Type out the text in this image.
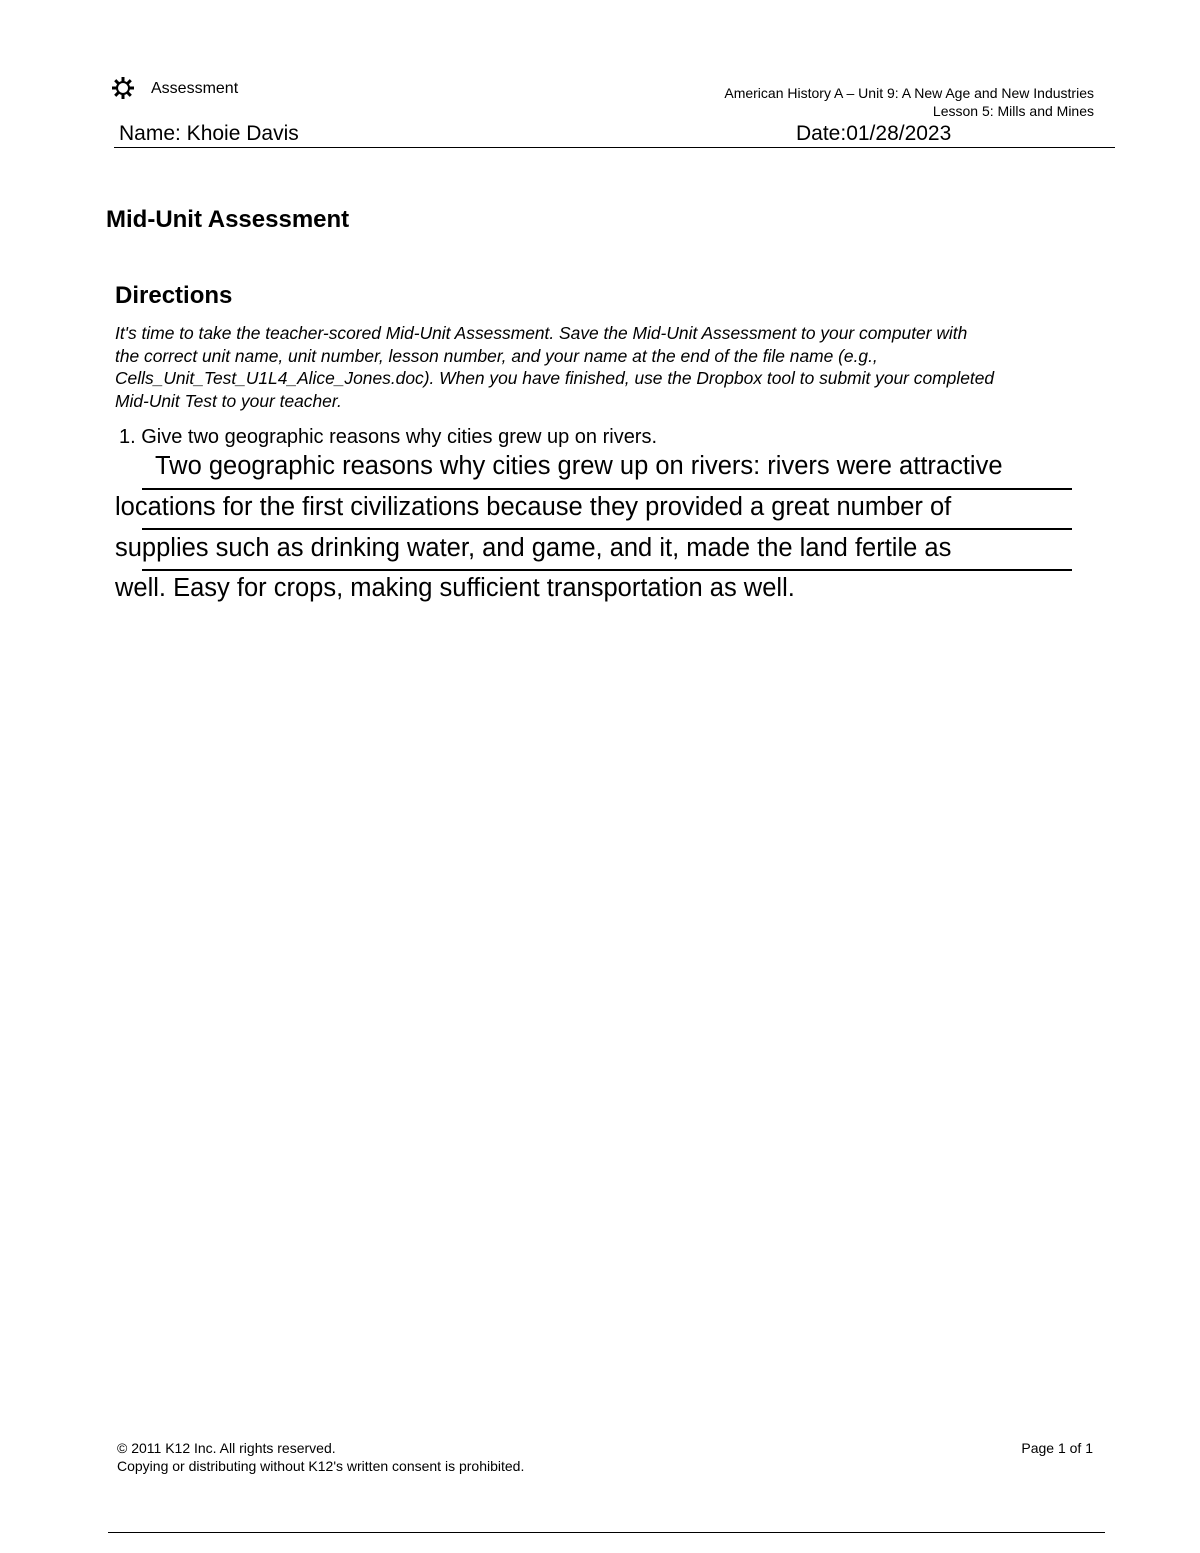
Assessment	American History A – Unit 9: A New Age and New Industries
Lesson 5: Mills and Mines
Name: Khoie Davis	Date:01/28/2023
Mid-Unit Assessment
Directions
It's time to take the teacher-scored Mid-Unit Assessment. Save the Mid-Unit Assessment to your computer with
the correct unit name, unit number, lesson number, and your name at the end of the file name (e.g.,
Cells_Unit_Test_U1L4_Alice_Jones.doc). When you have finished, use the Dropbox tool to submit your completed
Mid-Unit Test to your teacher.
1. Give two geographic reasons why cities grew up on rivers.
Two geographic reasons why cities grew up on rivers: rivers were attractive
locations for the first civilizations because they provided a great number of
supplies such as drinking water, and game, and it, made the land fertile as
well. Easy for crops, making sufficient transportation as well.
© 2011 K12 Inc. All rights reserved.
Copying or distributing without K12's written consent is prohibited.
Page 1 of 1
